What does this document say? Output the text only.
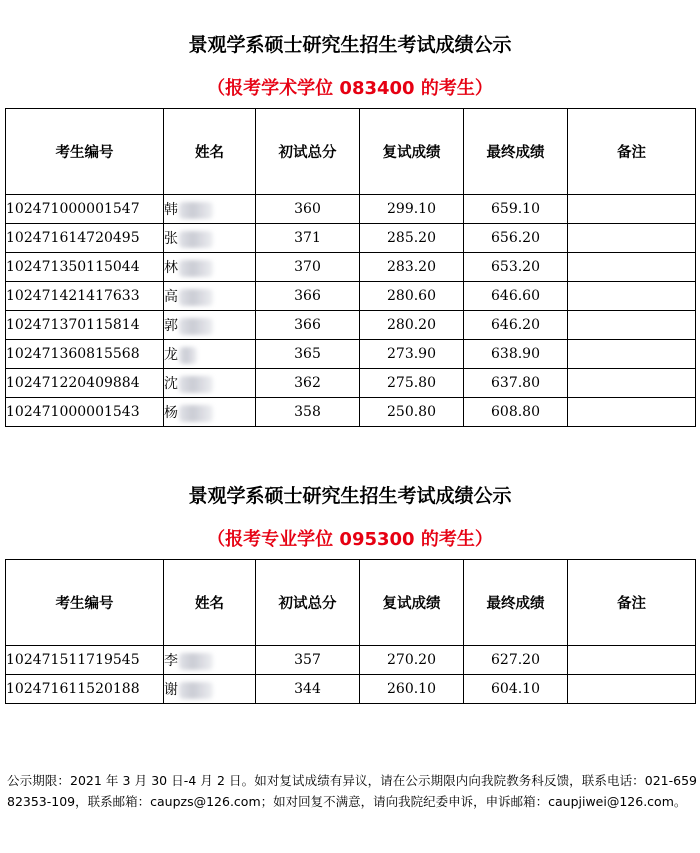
景观学系硕士研究生招生考试成绩公示
（报考学术学位 083400 的考生）
考生编号	姓名	初试总分	复试成绩	最终成绩	备注
102471000001547	韩	360	299.10	659.10	
102471614720495	张	371	285.20	656.20	
102471350115044	林	370	283.20	653.20	
102471421417633	高	366	280.60	646.60	
102471370115814	郭	366	280.20	646.20	
102471360815568	龙	365	273.90	638.90	
102471220409884	沈	362	275.80	637.80	
102471000001543	杨	358	250.80	608.80	
景观学系硕士研究生招生考试成绩公示
（报考专业学位 095300 的考生）
考生编号	姓名	初试总分	复试成绩	最终成绩	备注
102471511719545	李	357	270.20	627.20	
102471611520188	谢	344	260.10	604.10	
公示期限：2021 年 3 月 30 日-4 月 2 日。如对复试成绩有异议，请在公示期限内向我院教务科反馈，联系电话：021-65982353-109，联系邮箱：caupzs@126.com；如对回复不满意，请向我院纪委申诉，申诉邮箱：caupjiwei@126.com。
